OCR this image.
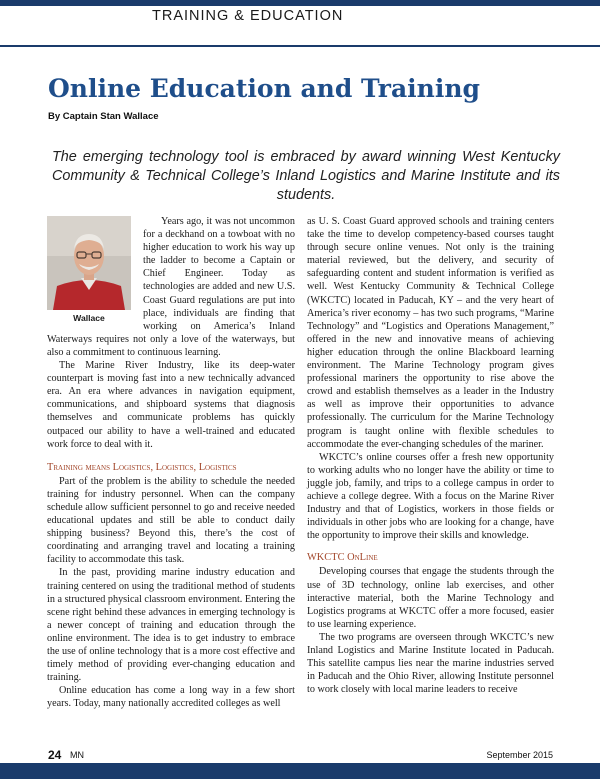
TRAINING & EDUCATION
Online Education and Training
By Captain Stan Wallace
The emerging technology tool is embraced by award winning West Kentucky Community & Technical College’s Inland Logistics and Marine Institute and its students.
Wallace

Years ago, it was not uncommon for a deckhand on a towboat with no higher education to work his way up the ladder to become a Captain or Chief Engineer. Today as technologies are added and new U.S. Coast Guard regulations are put into place, individuals are finding that working on America’s Inland Waterways requires not only a love of the waterways, but also a commitment to continuous learning.

The Marine River Industry, like its deep-water counterpart is moving fast into a new technically advanced era. An era where advances in navigation equipment, communications, and shipboard systems that diagnosis themselves and communicate problems has quickly outpaced our ability to have a well-trained and educated work force to deal with it.

Training means Logistics, Logistics, Logistics

Part of the problem is the ability to schedule the needed training for industry personnel. When can the company schedule allow sufficient personnel to go and receive needed educational updates and still be able to conduct daily shipping business? Beyond this, there’s the cost of coordinating and arranging travel and locating a training facility to accommodate this task.

In the past, providing marine industry education and training centered on using the traditional method of students in a structured physical classroom environment. Entering the scene right behind these advances in emerging technology is a newer concept of training and education through the online environment. The idea is to get industry to embrace the use of online technology that is a more cost effective and timely method of providing ever-changing education and training.

Online education has come a long way in a few short years. Today, many nationally accredited colleges as well

as U. S. Coast Guard approved schools and training centers take the time to develop competency-based courses taught through secure online venues. Not only is the training material reviewed, but the delivery, and security of safeguarding content and student information is verified as well. West Kentucky Community & Technical College (WKCTC) located in Paducah, KY – and the very heart of America’s river economy – has two such programs, “Marine Technology” and “Logistics and Operations Management,” offered in the new and innovative means of achieving higher education through the online Blackboard learning environment. The Marine Technology program gives professional mariners the opportunity to rise above the crowd and establish themselves as a leader in the Industry as well as improve their opportunities to advance professionally. The curriculum for the Marine Technology program is taught online with flexible schedules to accommodate the ever-changing schedules of the mariner.

WKCTC’s online courses offer a fresh new opportunity to working adults who no longer have the ability or time to juggle job, family, and trips to a college campus in order to achieve a college degree. With a focus on the Marine River Industry and that of Logistics, workers in those fields or individuals in other jobs who are looking for a change, have the opportunity to improve their skills and knowledge.

WKCTC OnLine

Developing courses that engage the students through the use of 3D technology, online lab exercises, and other interactive material, both the Marine Technology and Logistics programs at WKCTC offer a more focused, easier to use learning experience.

The two programs are overseen through WKCTC’s new Inland Logistics and Marine Institute located in Paducah. This satellite campus lies near the marine industries served in Paducah and the Ohio River, allowing Institute personnel to work closely with local marine leaders to receive

24 MN	September 2015
